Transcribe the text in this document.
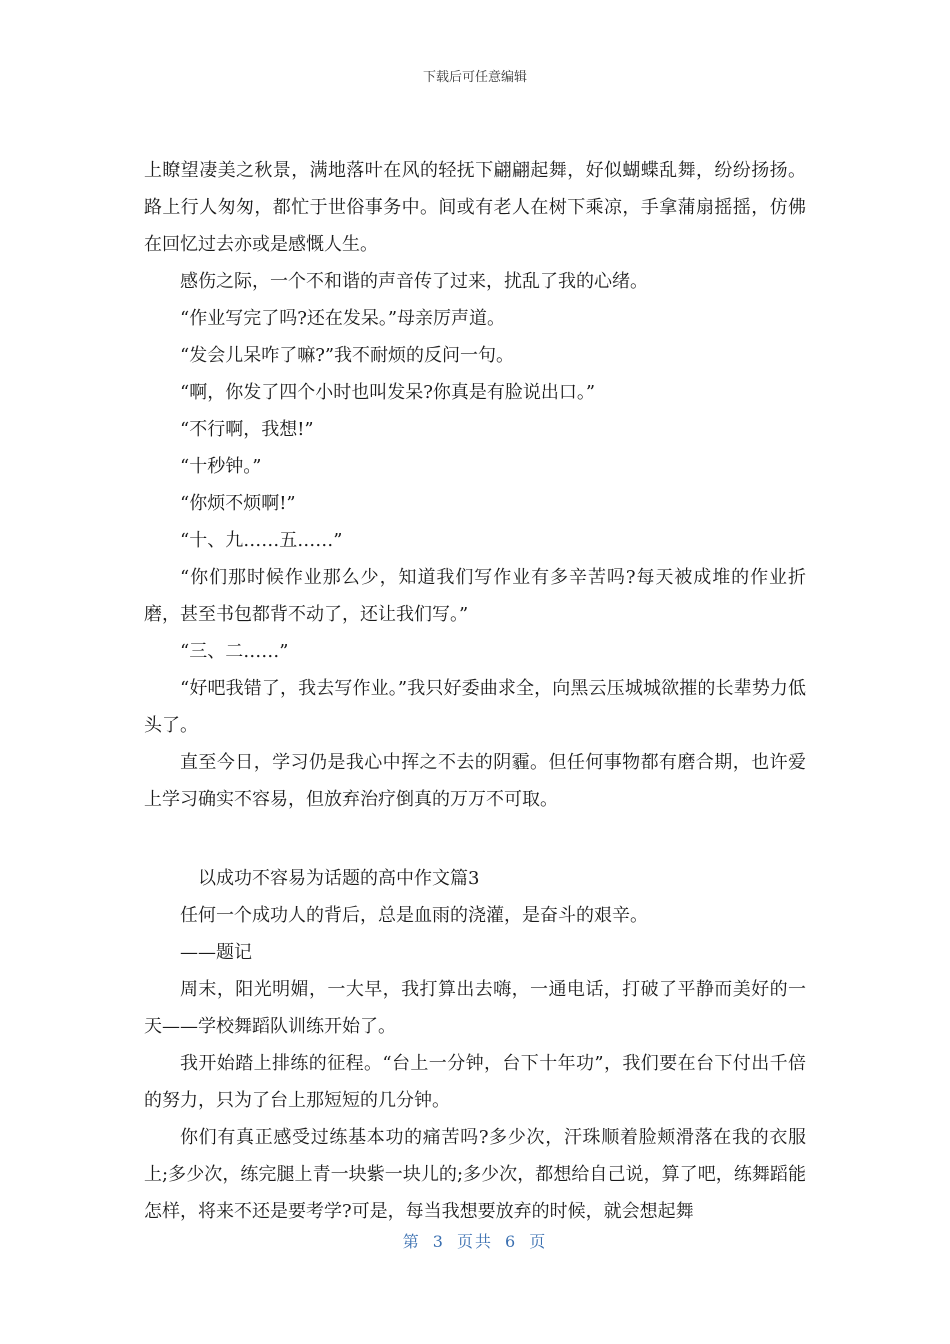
下载后可任意编辑

上瞭望凄美之秋景，满地落叶在风的轻抚下翩翩起舞，好似蝴蝶乱舞，纷纷扬扬。路上行人匆匆，都忙于世俗事务中。间或有老人在树下乘凉，手拿蒲扇摇摇，仿佛在回忆过去亦或是感慨人生。

感伤之际，一个不和谐的声音传了过来，扰乱了我的心绪。

“作业写完了吗?还在发呆。”母亲厉声道。

“发会儿呆咋了嘛?”我不耐烦的反问一句。

“啊，你发了四个小时也叫发呆?你真是有脸说出口。”

“不行啊，我想!”

“十秒钟。”

“你烦不烦啊!”

“十、九……五……”

“你们那时候作业那么少，知道我们写作业有多辛苦吗?每天被成堆的作业折磨，甚至书包都背不动了，还让我们写。”

“三、二……”

“好吧我错了，我去写作业。”我只好委曲求全，向黑云压城城欲摧的长辈势力低头了。

直至今日，学习仍是我心中挥之不去的阴霾。但任何事物都有磨合期，也许爱上学习确实不容易，但放弃治疗倒真的万万不可取。

以成功不容易为话题的高中作文篇3

任何一个成功人的背后，总是血雨的浇灌，是奋斗的艰辛。

——题记

周末，阳光明媚，一大早，我打算出去嗨，一通电话，打破了平静而美好的一天——学校舞蹈队训练开始了。

我开始踏上排练的征程。“台上一分钟，台下十年功”，我们要在台下付出千倍的努力，只为了台上那短短的几分钟。

你们有真正感受过练基本功的痛苦吗?多少次，汗珠顺着脸颊滑落在我的衣服上;多少次，练完腿上青一块紫一块儿的;多少次，都想给自己说，算了吧，练舞蹈能怎样，将来不还是要考学?可是，每当我想要放弃的时候，就会想起舞

第 3 页共 6 页
